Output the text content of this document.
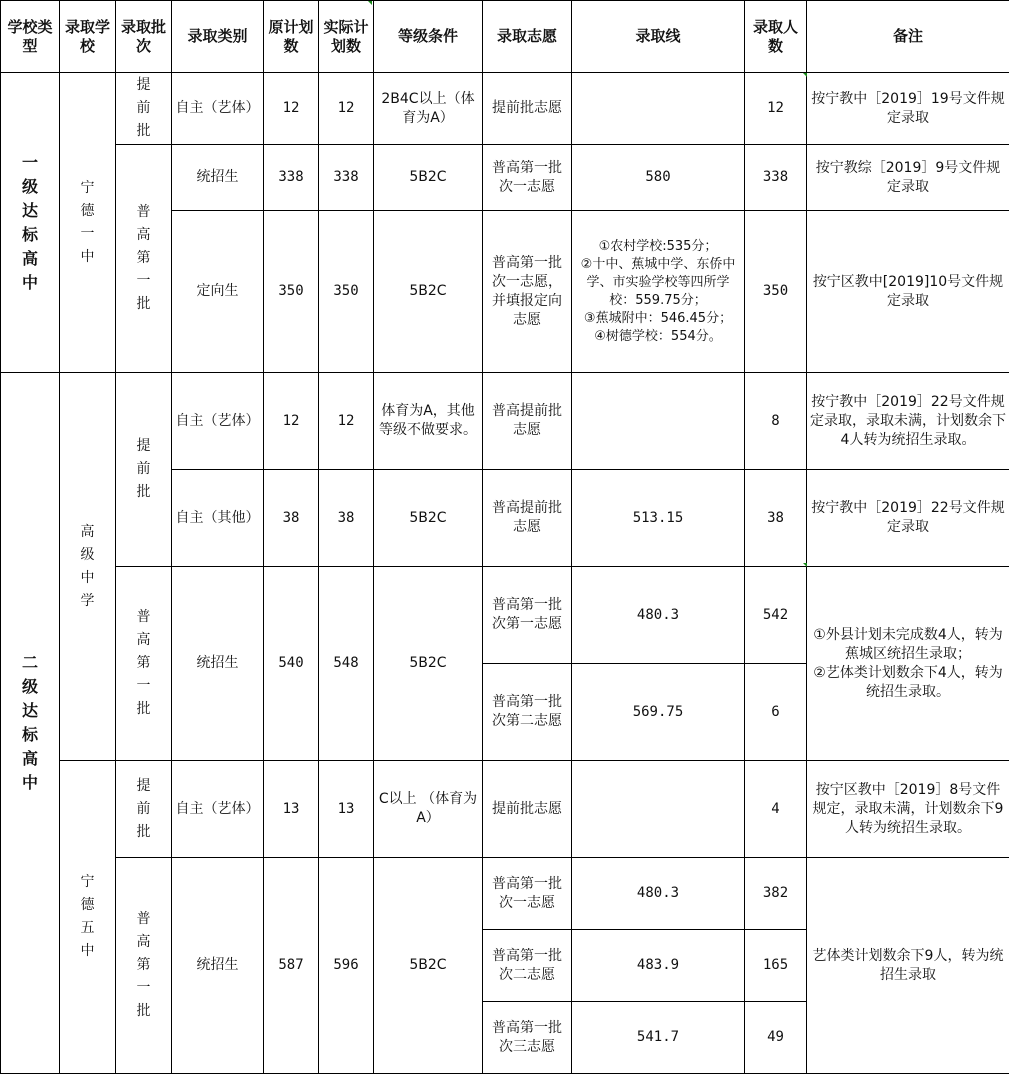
学校类型	录取学校	录取批次	录取类别	原计划数	实际计划数	等级条件	录取志愿	录取线	录取人数	备注
一级达标高中	宁德一中	提前批	自主（艺体）	12	12	2B4C以上（体育为A）	提前批志愿		12	按宁教中［2019］19号文件规定录取
		普高第一批	统招生	338	338	5B2C	普高第一批次一志愿	580	338	按宁教综［2019］9号文件规定录取
			定向生	350	350	5B2C	普高第一批次一志愿，并填报定向志愿	①农村学校:535分；
②十中、蕉城中学、东侨中学、市实验学校等四所学校：559.75分；
③蕉城附中：546.45分；
④树德学校：554分。	350	按宁区教中[2019]10号文件规定录取
二级达标高中	高级中学	提前批	自主（艺体）	12	12	体育为A，其他等级不做要求。	普高提前批志愿		8	按宁教中［2019］22号文件规定录取，录取未满，计划数余下4人转为统招生录取。
			自主（其他）	38	38	5B2C	普高提前批志愿	513.15	38	按宁教中［2019］22号文件规定录取
		普高第一批	统招生	540	548	5B2C	普高第一批次第一志愿	480.3	542	①外县计划未完成数4人，转为蕉城区统招生录取；
②艺体类计划数余下4人，转为统招生录取。

							普高第一批次第二志愿	569.75	6	
	宁德五中	提前批	自主（艺体）	13	13	C以上 （体育为A）	提前批志愿		4	按宁区教中［2019］8号文件规定，录取未满，计划数余下9人转为统招生录取。
		普高第一批	统招生	587	596	5B2C	普高第一批次一志愿	480.3	382	艺体类计划数余下9人，转为统招生录取
							普高第一批次二志愿	483.9	165	
							普高第一批次三志愿	541.7	49	
